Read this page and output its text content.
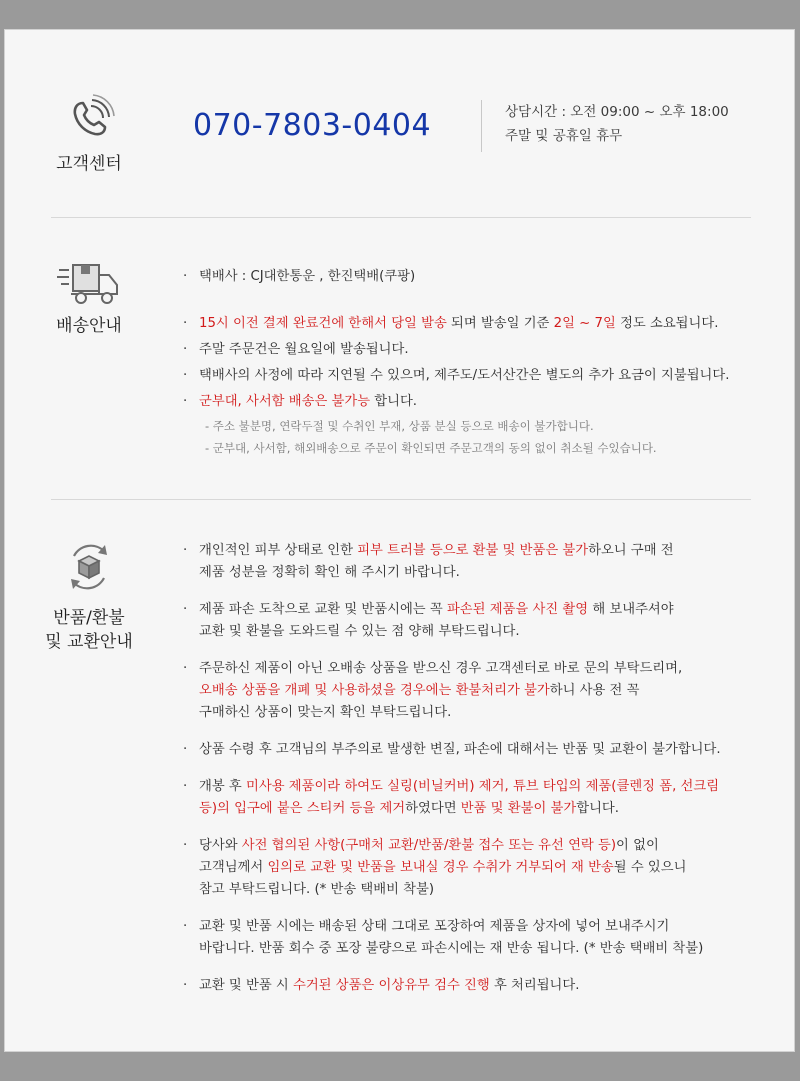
고객센터
070-7803-0404	상담시간 : 오전 09:00 ~ 오후 18:00
주말 및 공휴일 휴무
배송안내
· 택배사 : CJ대한통운 , 한진택배(쿠팡)
· 15시 이전 결제 완료건에 한해서 당일 발송 되며 발송일 기준 2일 ~ 7일 정도 소요됩니다.
· 주말 주문건은 월요일에 발송됩니다.
· 택배사의 사정에 따라 지연될 수 있으며, 제주도/도서산간은 별도의 추가 요금이 지불됩니다.
· 군부대, 사서함 배송은 불가능 합니다.
- 주소 불분명, 연락두절 및 수취인 부재, 상품 분실 등으로 배송이 불가합니다.
- 군부대, 사서함, 해외배송으로 주문이 확인되면 주문고객의 동의 없이 취소될 수있습니다.
반품/환불
및 교환안내
· 개인적인 피부 상태로 인한 피부 트러블 등으로 환불 및 반품은 불가하오니 구매 전
제품 성분을 정확히 확인 해 주시기 바랍니다.
· 제품 파손 도착으로 교환 및 반품시에는 꼭 파손된 제품을 사진 촬영 해 보내주셔야
교환 및 환불을 도와드릴 수 있는 점 양해 부탁드립니다.
· 주문하신 제품이 아닌 오배송 상품을 받으신 경우 고객센터로 바로 문의 부탁드리며,
오배송 상품을 개폐 및 사용하셨을 경우에는 환불처리가 불가하니 사용 전 꼭
구매하신 상품이 맞는지 확인 부탁드립니다.
· 상품 수령 후 고객님의 부주의로 발생한 변질, 파손에 대해서는 반품 및 교환이 불가합니다.
· 개봉 후 미사용 제품이라 하여도 실링(비닐커버) 제거, 튜브 타입의 제품(클렌징 폼, 선크림
등)의 입구에 붙은 스티커 등을 제거하였다면 반품 및 환불이 불가합니다.
· 당사와 사전 협의된 사항(구매처 교환/반품/환불 접수 또는 유선 연락 등)이 없이
고객님께서 임의로 교환 및 반품을 보내실 경우 수취가 거부되어 재 반송될 수 있으니
참고 부탁드립니다. (* 반송 택배비 착불)
· 교환 및 반품 시에는 배송된 상태 그대로 포장하여 제품을 상자에 넣어 보내주시기
바랍니다. 반품 회수 중 포장 불량으로 파손시에는 재 반송 됩니다. (* 반송 택배비 착불)
· 교환 및 반품 시 수거된 상품은 이상유무 검수 진행 후 처리됩니다.
